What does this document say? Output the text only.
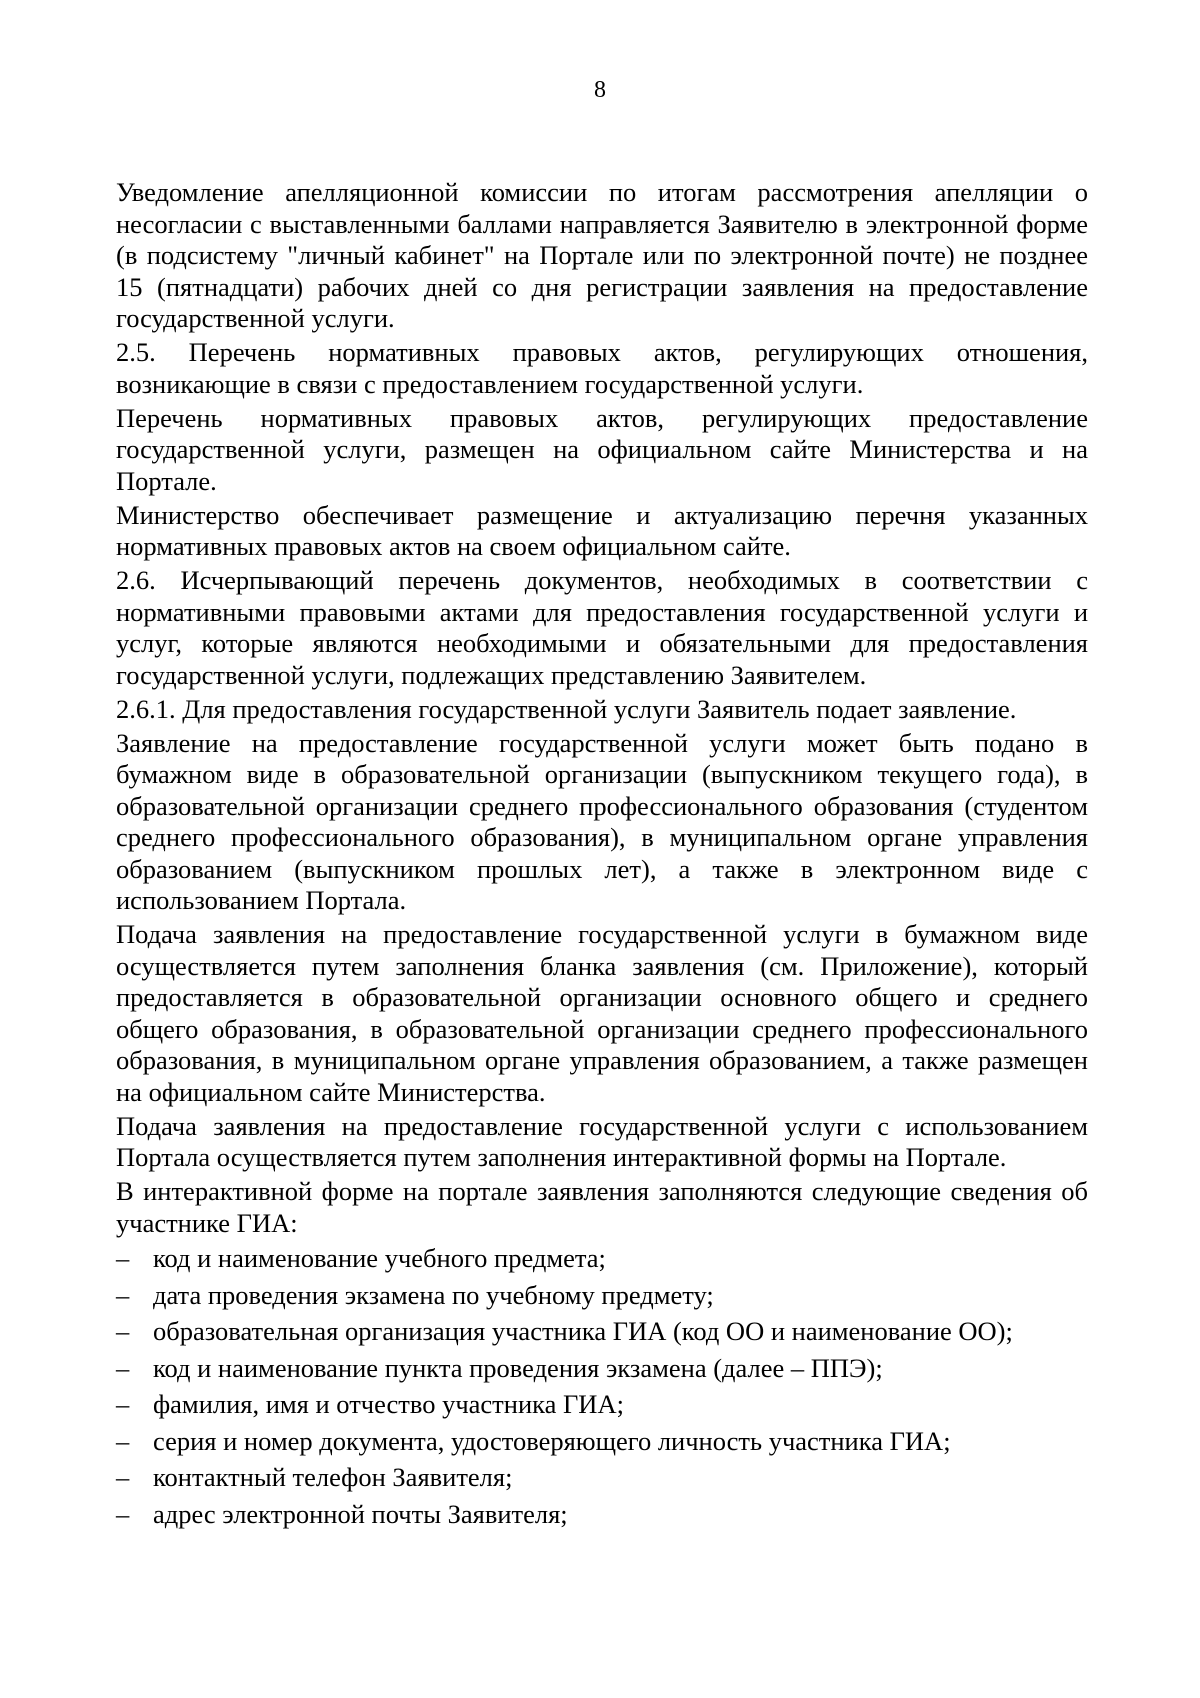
8

Уведомление апелляционной комиссии по итогам рассмотрения апелляции о несогласии с выставленными баллами направляется Заявителю в электронной форме (в подсистему "личный кабинет" на Портале или по электронной почте) не позднее 15 (пятнадцати) рабочих дней со дня регистрации заявления на предоставление государственной услуги.

2.5. Перечень нормативных правовых актов, регулирующих отношения, возникающие в связи с предоставлением государственной услуги.

Перечень нормативных правовых актов, регулирующих предоставление государственной услуги, размещен на официальном сайте Министерства и на Портале.

Министерство обеспечивает размещение и актуализацию перечня указанных нормативных правовых актов на своем официальном сайте.

2.6. Исчерпывающий перечень документов, необходимых в соответствии с нормативными правовыми актами для предоставления государственной услуги и услуг, которые являются необходимыми и обязательными для предоставления государственной услуги, подлежащих представлению Заявителем.

2.6.1. Для предоставления государственной услуги Заявитель подает заявление.

Заявление на предоставление государственной услуги может быть подано в бумажном виде в образовательной организации (выпускником текущего года), в образовательной организации среднего профессионального образования (студентом среднего профессионального образования), в муниципальном органе управления образованием (выпускником прошлых лет), а также в электронном виде с использованием Портала.

Подача заявления на предоставление государственной услуги в бумажном виде осуществляется путем заполнения бланка заявления (см. Приложение), который предоставляется в образовательной организации основного общего и среднего общего образования, в образовательной организации среднего профессионального образования, в муниципальном органе управления образованием, а также размещен на официальном сайте Министерства.

Подача заявления на предоставление государственной услуги с использованием Портала осуществляется путем заполнения интерактивной формы на Портале.

В интерактивной форме на портале заявления заполняются следующие сведения об участнике ГИА:

– код и наименование учебного предмета;
– дата проведения экзамена по учебному предмету;
– образовательная организация участника ГИА (код ОО и наименование ОО);
– код и наименование пункта проведения экзамена (далее – ППЭ);
– фамилия, имя и отчество участника ГИА;
– серия и номер документа, удостоверяющего личность участника ГИА;
– контактный телефон Заявителя;
– адрес электронной почты Заявителя;
